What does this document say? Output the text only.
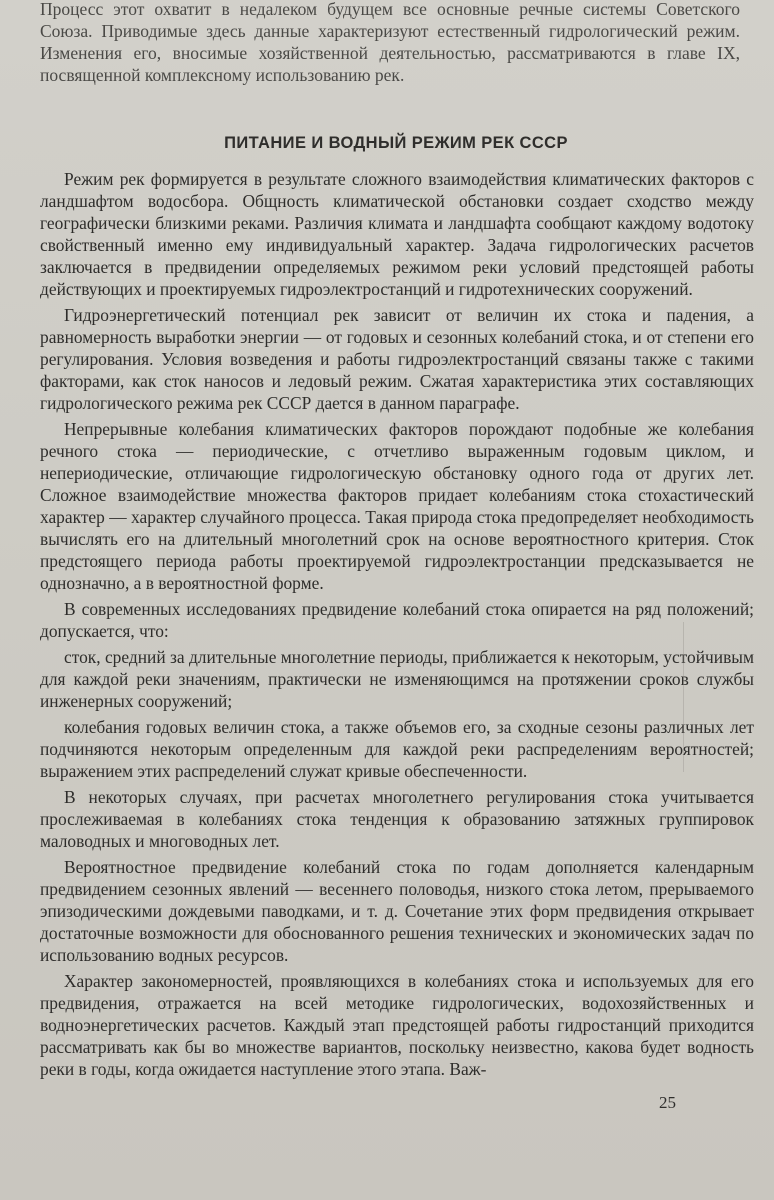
Процесс этот охватит в недалеком будущем все основные речные системы Советского Союза. Приводимые здесь данные характеризуют естественный гидрологический режим. Изменения его, вносимые хозяйственной деятельностью, рассматриваются в главе IX, посвященной комплексному использованию рек.

ПИТАНИЕ И ВОДНЫЙ РЕЖИМ РЕК СССР

Режим рек формируется в результате сложного взаимодействия климатических факторов с ландшафтом водосбора. Общность климатической обстановки создает сходство между географически близкими реками. Различия климата и ландшафта сообщают каждому водотоку свойственный именно ему индивидуальный характер. Задача гидрологических расчетов заключается в предвидении определяемых режимом реки условий предстоящей работы действующих и проектируемых гидроэлектростанций и гидротехнических сооружений.

Гидроэнергетический потенциал рек зависит от величин их стока и падения, а равномерность выработки энергии — от годовых и сезонных колебаний стока, и от степени его регулирования. Условия возведения и работы гидроэлектростанций связаны также с такими факторами, как сток наносов и ледовый режим. Сжатая характеристика этих составляющих гидрологического режима рек СССР дается в данном параграфе.

Непрерывные колебания климатических факторов порождают подобные же колебания речного стока — периодические, с отчетливо выраженным годовым циклом, и непериодические, отличающие гидрологическую обстановку одного года от других лет. Сложное взаимодействие множества факторов придает колебаниям стока стохастический характер — характер случайного процесса. Такая природа стока предопределяет необходимость вычислять его на длительный многолетний срок на основе вероятностного критерия. Сток предстоящего периода работы проектируемой гидроэлектростанции предсказывается не однозначно, а в вероятностной форме.

В современных исследованиях предвидение колебаний стока опирается на ряд положений; допускается, что:

сток, средний за длительные многолетние периоды, приближается к некоторым, устойчивым для каждой реки значениям, практически не изменяющимся на протяжении сроков службы инженерных сооружений;

колебания годовых величин стока, а также объемов его, за сходные сезоны различных лет подчиняются некоторым определенным для каждой реки распределениям вероятностей; выражением этих распределений служат кривые обеспеченности.

В некоторых случаях, при расчетах многолетнего регулирования стока учитывается прослеживаемая в колебаниях стока тенденция к образованию затяжных группировок маловодных и многоводных лет.

Вероятностное предвидение колебаний стока по годам дополняется календарным предвидением сезонных явлений — весеннего половодья, низкого стока летом, прерываемого эпизодическими дождевыми паводками, и т. д. Сочетание этих форм предвидения открывает достаточные возможности для обоснованного решения технических и экономических задач по использованию водных ресурсов.

Характер закономерностей, проявляющихся в колебаниях стока и используемых для его предвидения, отражается на всей методике гидрологических, водохозяйственных и водноэнергетических расчетов. Каждый этап предстоящей работы гидростанций приходится рассматривать как бы во множестве вариантов, поскольку неизвестно, какова будет водность реки в годы, когда ожидается наступление этого этапа. Важ-

25
